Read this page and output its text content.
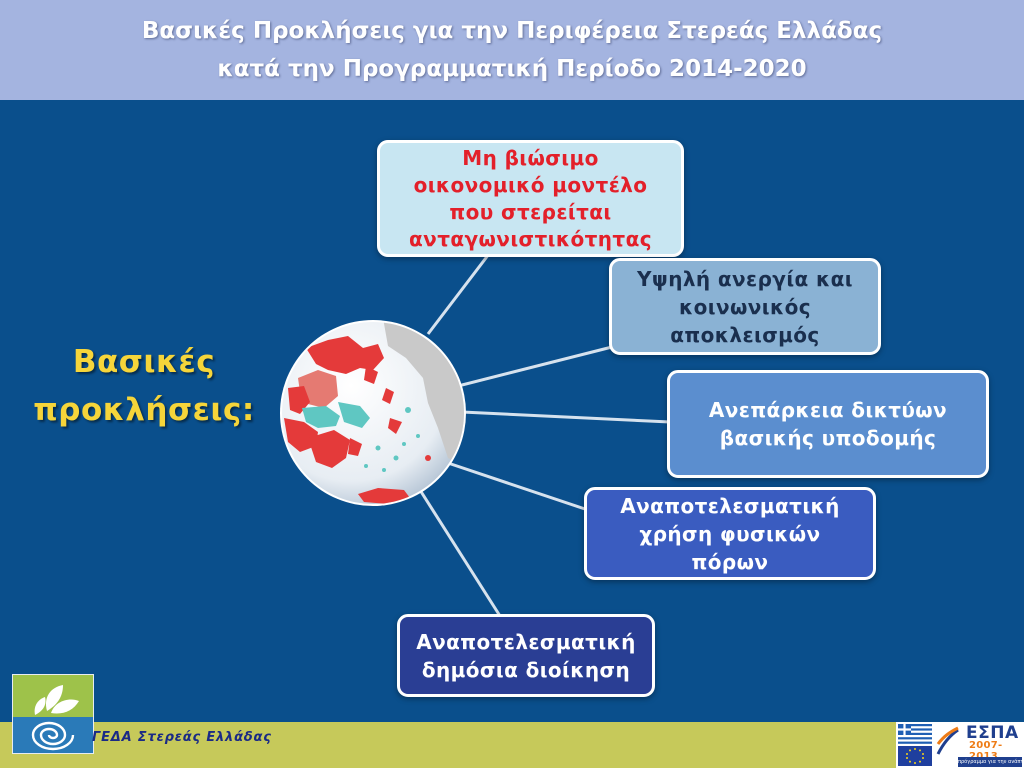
Βασικές Προκλήσεις για την Περιφέρεια Στερεάς Ελλάδας
κατά την Προγραμματική Περίοδο 2014-2020
Βασικές
προκλήσεις:
Μη βιώσιμο
οικονομικό μοντέλο
που στερείται
ανταγωνιστικότητας
Υψηλή ανεργία και
κοινωνικός
αποκλεισμός
Ανεπάρκεια δικτύων
βασικής υποδομής
Αναποτελεσματική
χρήση φυσικών
πόρων
Αναποτελεσματική
δημόσια διοίκηση
ΓΕΔΑ Στερεάς Ελλάδας	ΕΣΠΑ
2007-
πρόγραμμα για την ανάπτυξη
